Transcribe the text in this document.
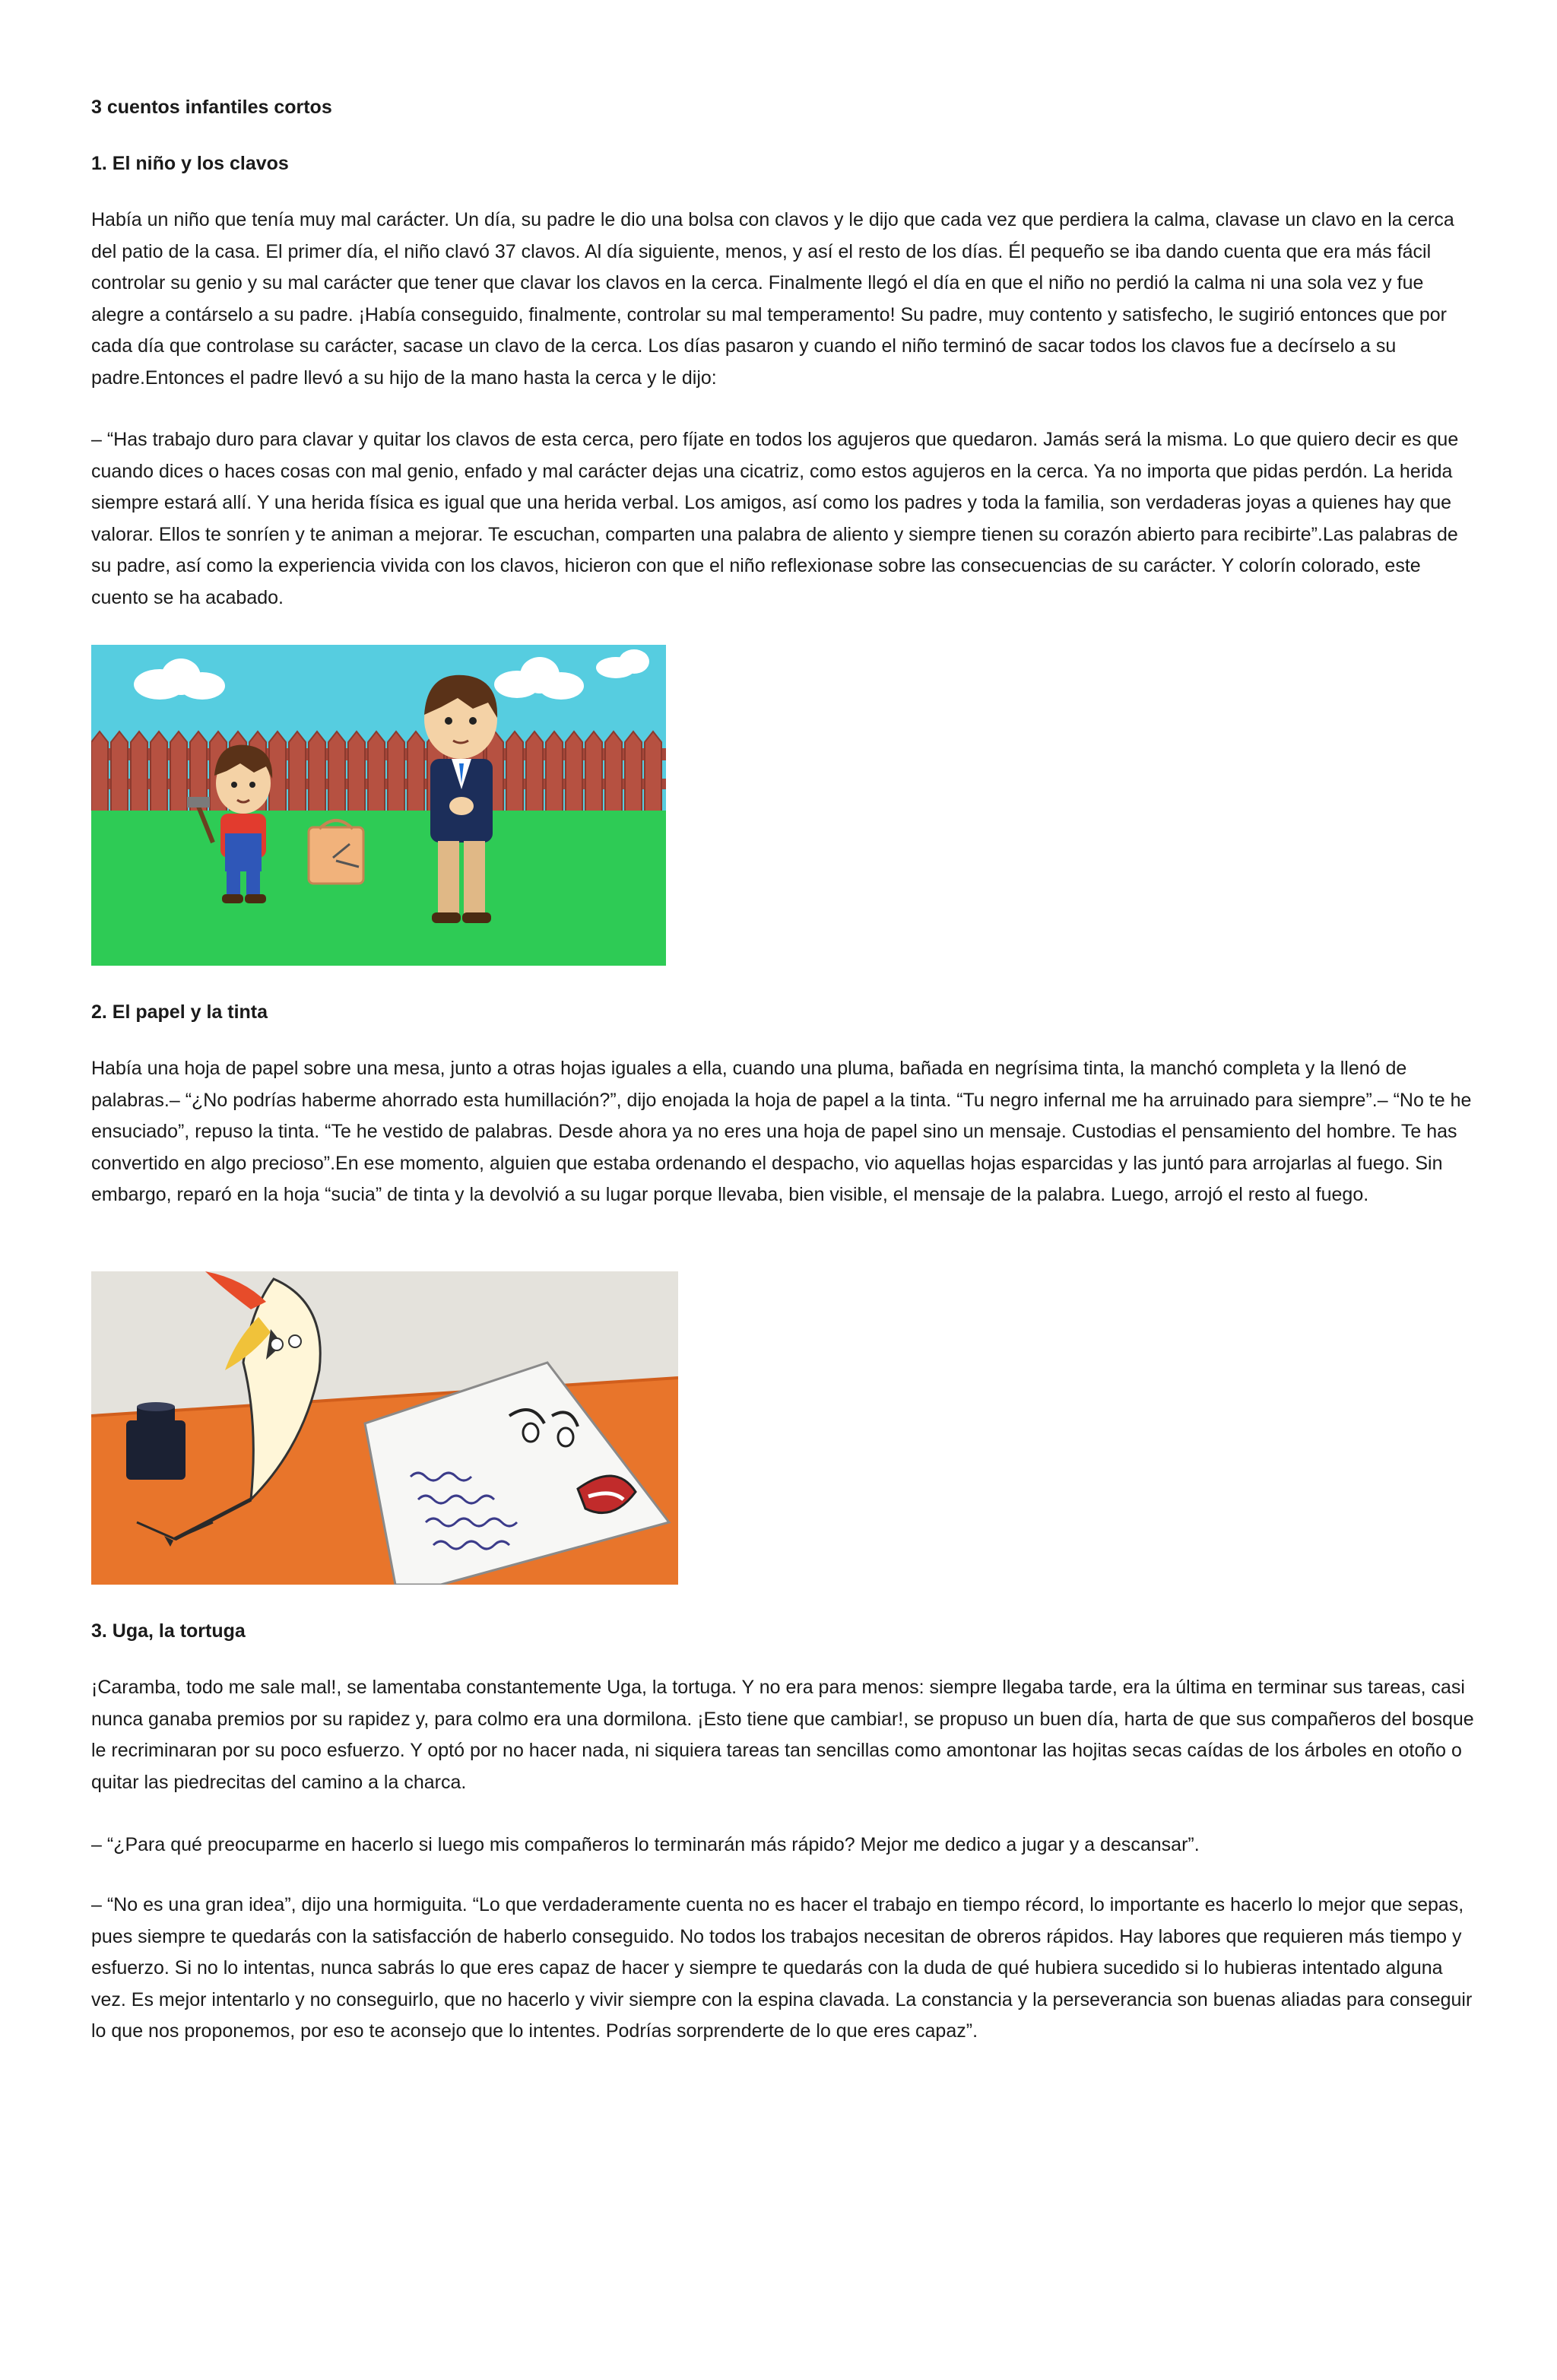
3 cuentos infantiles cortos
1. El niño y los clavos

Había un niño que tenía muy mal carácter. Un día, su padre le dio una bolsa con clavos y le dijo que cada vez que perdiera la calma, clavase un clavo en la cerca del patio de la casa. El primer día, el niño clavó 37 clavos. Al día siguiente, menos, y así el resto de los días. Él pequeño se iba dando cuenta que era más fácil controlar su genio y su mal carácter que tener que clavar los clavos en la cerca. Finalmente llegó el día en que el niño no perdió la calma ni una sola vez y fue alegre a contárselo a su padre. ¡Había conseguido, finalmente, controlar su mal temperamento! Su padre, muy contento y satisfecho, le sugirió entonces que por cada día que controlase su carácter, sacase un clavo de la cerca. Los días pasaron y cuando el niño terminó de sacar todos los clavos fue a decírselo a su padre.Entonces el padre llevó a su hijo de la mano hasta la cerca y le dijo:

– “Has trabajo duro para clavar y quitar los clavos de esta cerca, pero fíjate en todos los agujeros que quedaron. Jamás será la misma. Lo que quiero decir es que cuando dices o haces cosas con mal genio, enfado y mal carácter dejas una cicatriz, como estos agujeros en la cerca. Ya no importa que pidas perdón. La herida siempre estará allí. Y una herida física es igual que una herida verbal. Los amigos, así como los padres y toda la familia, son verdaderas joyas a quienes hay que valorar. Ellos te sonríen y te animan a mejorar. Te escuchan, comparten una palabra de aliento y siempre tienen su corazón abierto para recibirte”.Las palabras de su padre, así como la experiencia vivida con los clavos, hicieron con que el niño reflexionase sobre las consecuencias de su carácter. Y colorín colorado, este cuento se ha acabado.

2. El papel y la tinta

Había una hoja de papel sobre una mesa, junto a otras hojas iguales a ella, cuando una pluma, bañada en negrísima tinta, la manchó completa y la llenó de palabras.– “¿No podrías haberme ahorrado esta humillación?”, dijo enojada la hoja de papel a la tinta. “Tu negro infernal me ha arruinado para siempre”.– “No te he ensuciado”, repuso la tinta. “Te he vestido de palabras. Desde ahora ya no eres una hoja de papel sino un mensaje. Custodias el pensamiento del hombre. Te has convertido en algo precioso”.En ese momento, alguien que estaba ordenando el despacho, vio aquellas hojas esparcidas y las juntó para arrojarlas al fuego. Sin embargo, reparó en la hoja “sucia” de tinta y la devolvió a su lugar porque llevaba, bien visible, el mensaje de la palabra. Luego, arrojó el resto al fuego.

3. Uga, la tortuga

¡Caramba, todo me sale mal!, se lamentaba constantemente Uga, la tortuga. Y no era para menos: siempre llegaba tarde, era la última en terminar sus tareas, casi nunca ganaba premios por su rapidez y, para colmo era una dormilona. ¡Esto tiene que cambiar!, se propuso un buen día, harta de que sus compañeros del bosque le recriminaran por su poco esfuerzo. Y optó por no hacer nada, ni siquiera tareas tan sencillas como amontonar las hojitas secas caídas de los árboles en otoño o quitar las piedrecitas del camino a la charca.

– “¿Para qué preocuparme en hacerlo si luego mis compañeros lo terminarán más rápido? Mejor me dedico a jugar y a descansar”.

– “No es una gran idea”, dijo una hormiguita. “Lo que verdaderamente cuenta no es hacer el trabajo en tiempo récord, lo importante es hacerlo lo mejor que sepas, pues siempre te quedarás con la satisfacción de haberlo conseguido. No todos los trabajos necesitan de obreros rápidos. Hay labores que requieren más tiempo y esfuerzo. Si no lo intentas, nunca sabrás lo que eres capaz de hacer y siempre te quedarás con la duda de qué hubiera sucedido si lo hubieras intentado alguna vez. Es mejor intentarlo y no conseguirlo, que no hacerlo y vivir siempre con la espina clavada. La constancia y la perseverancia son buenas aliadas para conseguir lo que nos proponemos, por eso te aconsejo que lo intentes. Podrías sorprenderte de lo que eres capaz”.
